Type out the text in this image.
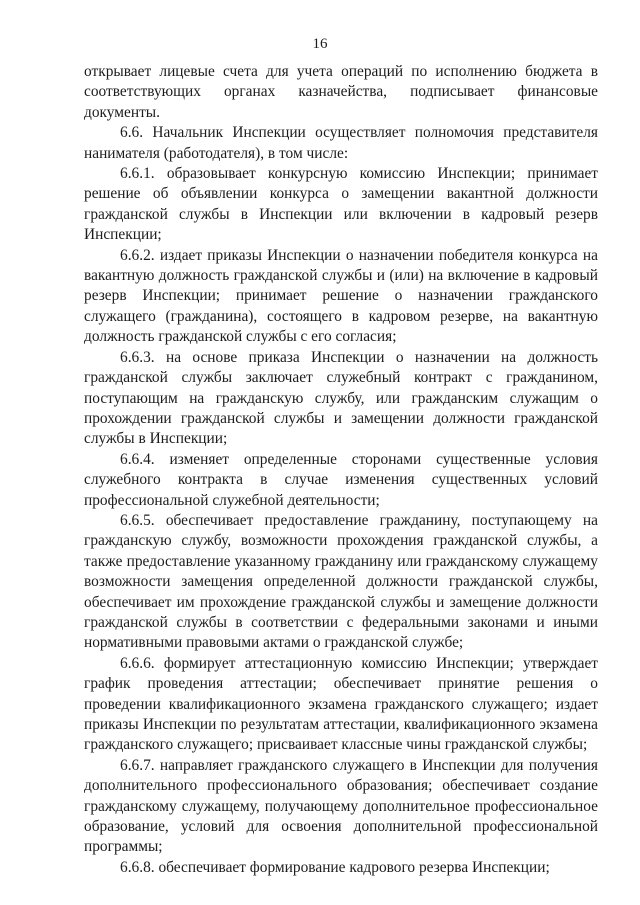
16

открывает лицевые счета для учета операций по исполнению бюджета в соответствующих органах казначейства, подписывает финансовые документы.

6.6. Начальник Инспекции осуществляет полномочия представителя нанимателя (работодателя), в том числе:

6.6.1. образовывает конкурсную комиссию Инспекции; принимает решение об объявлении конкурса о замещении вакантной должности гражданской службы в Инспекции или включении в кадровый резерв Инспекции;

6.6.2. издает приказы Инспекции о назначении победителя конкурса на вакантную должность гражданской службы и (или) на включение в кадровый резерв Инспекции; принимает решение о назначении гражданского служащего (гражданина), состоящего в кадровом резерве, на вакантную должность гражданской службы с его согласия;

6.6.3. на основе приказа Инспекции о назначении на должность гражданской службы заключает служебный контракт с гражданином, поступающим на гражданскую службу, или гражданским служащим о прохождении гражданской службы и замещении должности гражданской службы в Инспекции;

6.6.4. изменяет определенные сторонами существенные условия служебного контракта в случае изменения существенных условий профессиональной служебной деятельности;

6.6.5. обеспечивает предоставление гражданину, поступающему на гражданскую службу, возможности прохождения гражданской службы, а также предоставление указанному гражданину или гражданскому служащему возможности замещения определенной должности гражданской службы, обеспечивает им прохождение гражданской службы и замещение должности гражданской службы в соответствии с федеральными законами и иными нормативными правовыми актами о гражданской службе;

6.6.6. формирует аттестационную комиссию Инспекции; утверждает график проведения аттестации; обеспечивает принятие решения о проведении квалификационного экзамена гражданского служащего; издает приказы Инспекции по результатам аттестации, квалификационного экзамена гражданского служащего; присваивает классные чины гражданской службы;

6.6.7. направляет гражданского служащего в Инспекции для получения дополнительного профессионального образования; обеспечивает создание гражданскому служащему, получающему дополнительное профессиональное образование, условий для освоения дополнительной профессиональной программы;

6.6.8. обеспечивает формирование кадрового резерва Инспекции;
